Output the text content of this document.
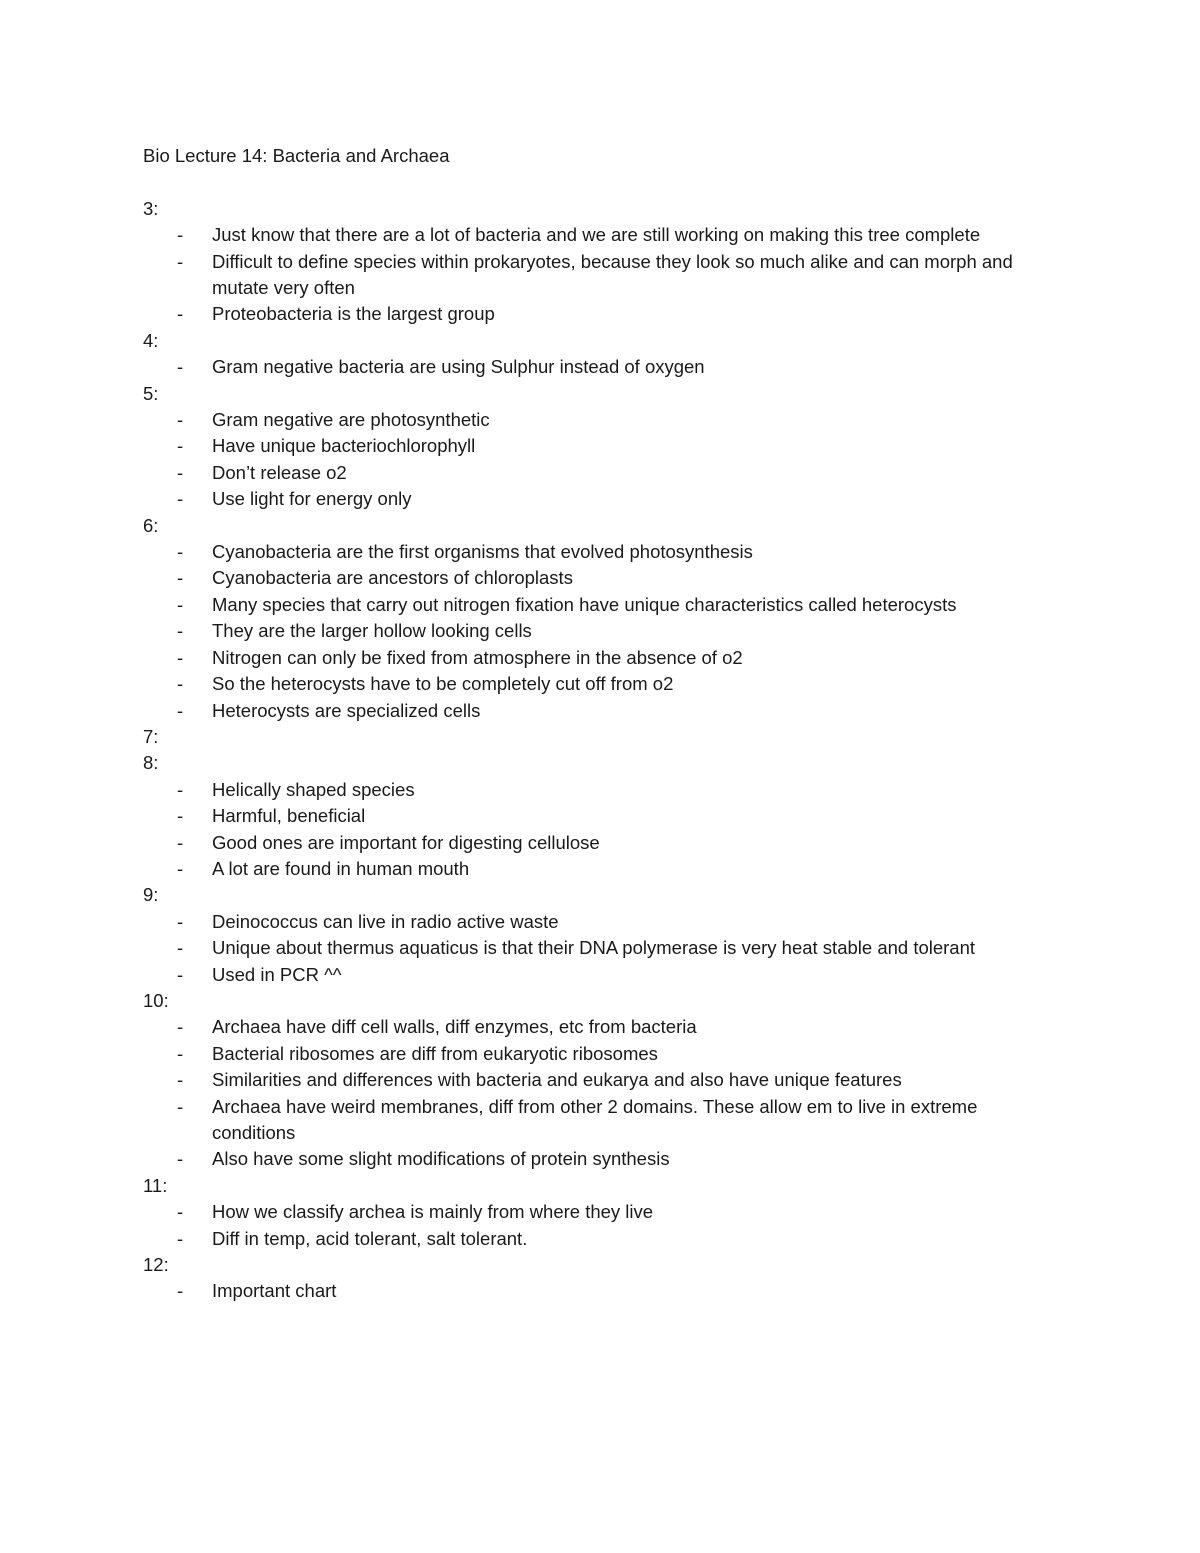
Bio Lecture 14: Bacteria and Archaea

3:

- Just know that there are a lot of bacteria and we are still working on making this tree complete
- Difficult to define species within prokaryotes, because they look so much alike and can morph and mutate very often
- Proteobacteria is the largest group

4:

- Gram negative bacteria are using Sulphur instead of oxygen

5:

- Gram negative are photosynthetic
- Have unique bacteriochlorophyll
- Don’t release o2
- Use light for energy only

6:

- Cyanobacteria are the first organisms that evolved photosynthesis
- Cyanobacteria are ancestors of chloroplasts
- Many species that carry out nitrogen fixation have unique characteristics called heterocysts
- They are the larger hollow looking cells
- Nitrogen can only be fixed from atmosphere in the absence of o2
- So the heterocysts have to be completely cut off from o2
- Heterocysts are specialized cells

7:

8:

- Helically shaped species
- Harmful, beneficial
- Good ones are important for digesting cellulose
- A lot are found in human mouth

9:

- Deinococcus can live in radio active waste
- Unique about thermus aquaticus is that their DNA polymerase is very heat stable and tolerant
- Used in PCR ^^

10:

- Archaea have diff cell walls, diff enzymes, etc from bacteria
- Bacterial ribosomes are diff from eukaryotic ribosomes
- Similarities and differences with bacteria and eukarya and also have unique features
- Archaea have weird membranes, diff from other 2 domains. These allow em to live in extreme conditions
- Also have some slight modifications of protein synthesis

11:

- How we classify archea is mainly from where they live
- Diff in temp, acid tolerant, salt tolerant.

12:

- Important chart
